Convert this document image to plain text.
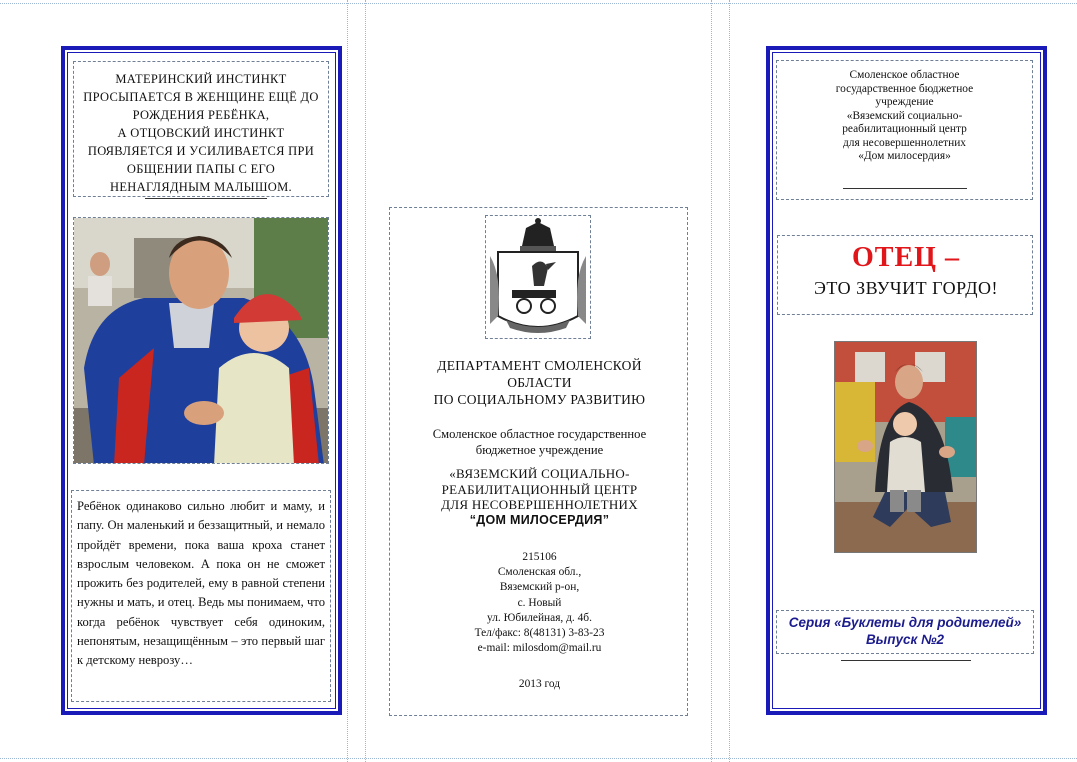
МАТЕРИНСКИЙ ИНСТИНКТ

ПРОСЫПАЕТСЯ В ЖЕНЩИНЕ ЕЩЁ ДО

РОЖДЕНИЯ РЕБЁНКА,

А ОТЦОВСКИЙ ИНСТИНКТ

ПОЯВЛЯЕТСЯ И УСИЛИВАЕТСЯ ПРИ

ОБЩЕНИИ ПАПЫ С ЕГО

НЕНАГЛЯДНЫМ МАЛЫШОМ.

Ребёнок одинаково сильно любит и маму, и папу. Он маленький и беззащитный, и немало пройдёт времени, пока ваша кроха станет взрослым человеком. А пока он не сможет прожить без родителей, ему в равной степени нужны и мать, и отец. Ведь мы понимаем, что когда ребёнок чувствует себя одиноким, непонятым, незащищённым – это первый шаг к детскому неврозу…
ДЕПАРТАМЕНТ СМОЛЕНСКОЙ
ОБЛАСТИ
ПО СОЦИАЛЬНОМУ РАЗВИТИЮ
Смоленское областное государственное
бюджетное учреждение
«ВЯЗЕМСКИЙ СОЦИАЛЬНО-
РЕАБИЛИТАЦИОННЫЙ ЦЕНТР
ДЛЯ НЕСОВЕРШЕННОЛЕТНИХ
“ДОМ МИЛОСЕРДИЯ”
215106
Смоленская обл.,
Вяземский р-он,
с. Новый
ул. Юбилейная, д. 4б.
Тел/факс: 8(48131) 3-83-23
e-mail: milosdom@mail.ru
2013 год
Смоленское областное
государственное бюджетное
учреждение
«Вяземский социально-
реабилитационный центр
для несовершеннолетних
«Дом милосердия»
ОТЕЦ –
ЭТО ЗВУЧИТ ГОРДО!
Серия «Буклеты для родителей»
Выпуск №2
